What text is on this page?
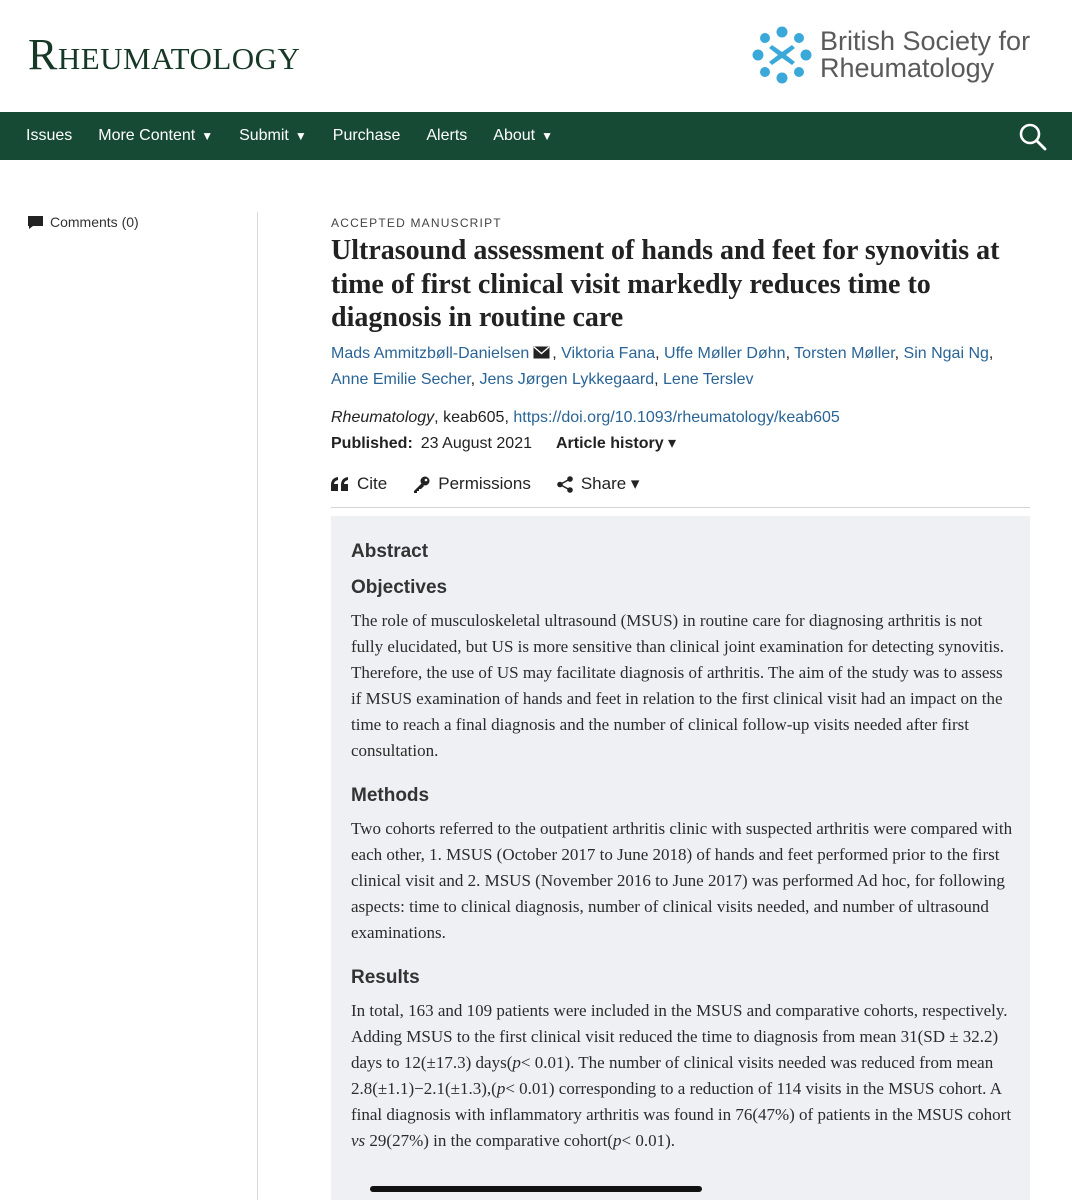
Rheumatology	British Society for
Rheumatology
Issues More Content ▼ Submit ▼ Purchase Alerts About ▼
Comments (0)	ACCEPTED MANUSCRIPT
Ultrasound assessment of hands and feet for synovitis at time of first clinical visit markedly reduces time to diagnosis in routine care
Mads Ammitzbøll-Danielsen , Viktoria Fana, Uffe Møller Døhn, Torsten Møller, Sin Ngai Ng,
Anne Emilie Secher, Jens Jørgen Lykkegaard, Lene Terslev
Rheumatology, keab605, https://doi.org/10.1093/rheumatology/keab605
Published: 23 August 2021 Article history ▾
Cite	Permissions	Share ▾
Abstract
Objectives

The role of musculoskeletal ultrasound (MSUS) in routine care for diagnosing arthritis is not fully elucidated, but US is more sensitive than clinical joint examination for detecting synovitis. Therefore, the use of US may facilitate diagnosis of arthritis. The aim of the study was to assess if MSUS examination of hands and feet in relation to the first clinical visit had an impact on the time to reach a final diagnosis and the number of clinical follow-up visits needed after first consultation.

Methods

Two cohorts referred to the outpatient arthritis clinic with suspected arthritis were compared with each other, 1. MSUS (October 2017 to June 2018) of hands and feet performed prior to the first clinical visit and 2. MSUS (November 2016 to June 2017) was performed Ad hoc, for following aspects: time to clinical diagnosis, number of clinical visits needed, and number of ultrasound examinations.

Results

In total, 163 and 109 patients were included in the MSUS and comparative cohorts, respectively. Adding MSUS to the first clinical visit reduced the time to diagnosis from mean 31(SD ± 32.2) days to 12(±17.3) days(p< 0.01). The number of clinical visits needed was reduced from mean 2.8(±1.1)−2.1(±1.3),(p< 0.01) corresponding to a reduction of 114 visits in the MSUS cohort. A final diagnosis with inflammatory arthritis was found in 76(47%) of patients in the MSUS cohort vs 29(27%) in the comparative cohort(p< 0.01).
